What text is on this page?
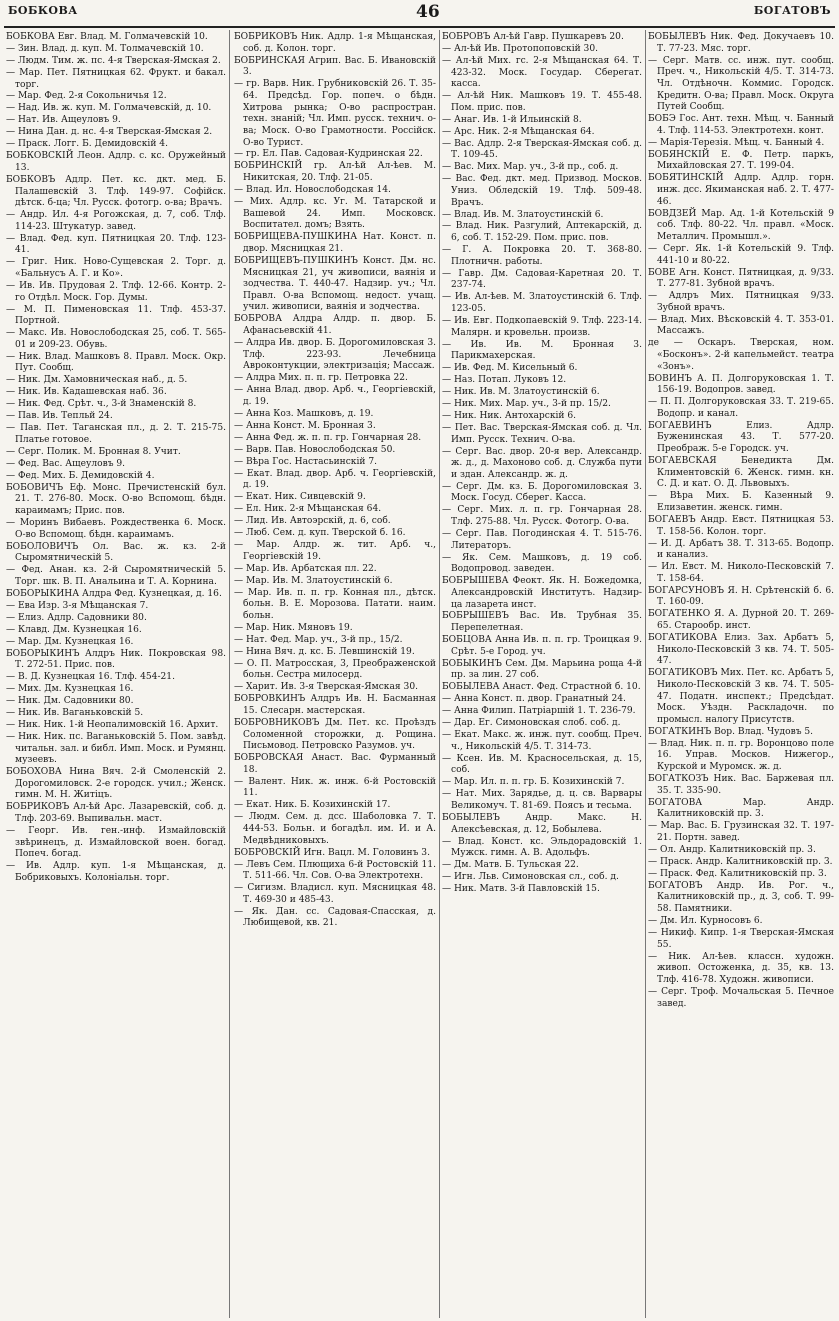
БОБКОВА	46	БОГАТОВЪ

БОБКОВА Евг. Влад. М. Голмачевскій 10.

— Зин. Влад. д. куп. М. Толмачевскій 10.

— Людм. Тим. ж. пс. 4-я Тверская-Ямская 2.

— Мар. Пет. Пятницкая 62. Фрукт. и бакал. торг.

— Мар. Фед. 2-я Сокольничья 12.

— Над. Ив. ж. куп. М. Голмачевскій, д. 10.

— Нат. Ив. Ащеуловъ 9.

— Нина Дан. д. нс. 4-я Тверская-Ямская 2.

— Праск. Логг. Б. Демидовскій 4.

БОБКОВСКІЙ Леон. Адлр. с. кс. Оружейный 13.

БОБКОВЪ Адлр. Пет. кс. дкт. мед. Б. Палашевскій 3. Тлф. 149-97. Софійск. дѣтск. б-ца; Чл. Русск. фотогр. о-ва; Врачъ.

— Андр. Ил. 4-я Рогожская, д. 7, соб. Тлф. 114-23. Штукатур. завед.

— Влад. Фед. куп. Пятницкая 20. Тлф. 123-41.

— Григ. Ник. Ново-Сущевская 2. Торг. д. «Бальнусъ А. Г. и Ко».

— Ив. Ив. Прудовая 2. Тлф. 12-66. Контр. 2-го Отдѣл. Моск. Гор. Думы.

— М. П. Пименовская 11. Тлф. 453-37. Портной.

— Макс. Ив. Новослободская 25, соб. Т. 565-01 и 209-23. Обувь.

— Ник. Влад. Машковъ 8. Правл. Моск. Окр. Пут. Сообщ.

— Ник. Дм. Хамовническая наб., д. 5.

— Ник. Ив. Кадашевская наб. 36.

— Ник. Фед. Срѣт. ч., 3-й Знаменскій 8.

— Пав. Ив. Тепльй 24.

— Пав. Пет. Таганская пл., д. 2. Т. 215-75. Платье готовое.

— Серг. Полик. М. Бронная 8. Учит.

— Фед. Вас. Ащеуловъ 9.

— Фед. Мих. Б. Демидовскій 4.

БОБОВИЧЪ Еф. Монс. Пречистенскій бул. 21. Т. 276-80. Моск. О-во Вспомощ. бѣдн. караимамъ; Прис. пов.

— Моринъ Вибаевъ. Рождественка 6. Моск. О-во Вспомощ. бѣдн. караимамъ.

БОБОЛОВИЧЪ Ол. Вас. ж. кз. 2-й Сыромятническій 5.

— Фед. Анан. кз. 2-й Сыромятническій 5. Торг. шк. В. П. Анальина и Т. А. Корнина.

БОБОРЫКИНА Алдра Фед. Кузнецкая, д. 16.

— Ева Изр. 3-я Мѣщанская 7.

— Елиз. Адлр. Садовники 80.

— Клавд. Дм. Кузнецкая 16.

— Мар. Дм. Кузнецкая 16.

БОБОРЫКИНЪ Алдръ Ник. Покровская 98. Т. 272-51. Прис. пов.

— В. Д. Кузнецкая 16. Тлф. 454-21.

— Мих. Дм. Кузнецкая 16.

— Ник. Дм. Садовники 80.

— Ник. Ив. Ваганьковскій 5.

— Ник. Ник. 1-й Неопалимовскій 16. Архит.

— Ник. Ник. пс. Ваганьковскій 5. Пом. завѣд. читальн. зал. и библ. Имп. Моск. и Румянц. музеевъ.

БОБОХОВА Нина Вяч. 2-й Смоленскій 2. Дорогомиловск. 2-е городск. учил.; Женск. гимн. М. Н. Житіцъ.

БОБРИКОВЪ Ал-ѣй Арс. Лазаревскій, соб. д. Тлф. 203-69. Выпивальн. маст.

— Георг. Ив. ген.-инф. Измайловскій звѣринецъ, д. Измайловской воен. богад. Попеч. богад.

— Ив. Адлр. куп. 1-я Мѣщанская, д. Бобриковыхъ. Колоніальн. торг.

БОБРИКОВЪ Ник. Адлр. 1-я Мѣщанская, соб. д. Колон. торг.

БОБРИНСКАЯ Агрип. Вас. Б. Ивановскій 3.

— гр. Варв. Ник. Грубниковскій 26. Т. 35-64. Предсѣд. Гор. попеч. о бѣдн. Хитрова рынка; О-во распростран. техн. знаній; Чл. Имп. русск. технич. о-ва; Моск. О-во Грамотности. Россійск. О-во Турист.

— гр. Ел. Пав. Садовая-Кудринская 22.

БОБРИНСКІЙ гр. Ал-ѣй Ал-ѣев. М. Никитская, 20. Тлф. 21-05.

— Влад. Ил. Новослободская 14.

— Мих. Адлр. кс. Уг. М. Татарской и Вашевой 24. Имп. Московск. Воспитател. домъ; Взять.

БОБРИЩЕВА-ПУШКИНА Нат. Конст. п. двор. Мясницкая 21.

БОБРИЩЕВЪ-ПУШКИНЪ Конст. Дм. нс. Мясницкая 21, уч живописи, ваянія и зодчества. Т. 440-47. Надзир. уч.; Чл. Правл. О-ва Вспомощ. недост. учащ. учил. живописи, ваянія и зодчества.

БОБРОВА Алдра Алдр. п. двор. Б. Афанасьевскій 41.

— Алдра Ив. двор. Б. Дорогомиловская 3. Тлф. 223-93. Лечебница Авроконтукции, электризація; Массаж.

— Алдра Мих. п. п. гр. Петровка 22.

— Анна Влад. двор. Арб. ч., Георгіевскій, д. 19.

— Анна Коз. Машковъ, д. 19.

— Анна Конст. М. Бронная 3.

— Анна Фед. ж. п. п. гр. Гончарная 28.

— Варв. Пав. Новослободская 50.

— Вѣра Гос. Настасьинскій 7.

— Екат. Влад. двор. Арб. ч. Георгіевскій, д. 19.

— Екат. Ник. Сивцевскій 9.

— Ел. Ник. 2-я Мѣщанская 64.

— Лид. Ив. Автоэрскій, д. 6, соб.

— Люб. Сем. д. куп. Тверской б. 16.

— Мар. Алдр. ж. тит. Арб. ч., Георгіевскій 19.

— Мар. Ив. Арбатская пл. 22.

— Мар. Ив. М. Златоустинскій 6.

— Мар. Ив. п. п. гр. Конная пл., дѣтск. больн. В. Е. Морозова. Патати. наим. больн.

— Мар. Ник. Мяновъ 19.

— Нат. Фед. Мар. уч., 3-й пр., 15/2.

— Нина Вяч. д. кс. Б. Левшинскій 19.

— О. П. Матросская, 3, Преображенской больн. Сестра милосерд.

— Харит. Ив. 3-я Тверская-Ямская 30.

БОБРОВКИНЪ Алдръ Ив. Н. Басманная 15. Слесарн. мастерская.

БОБРОВНИКОВЪ Дм. Пет. кс. Проѣздъ Соломенной сторожки, д. Рощина. Письмовод. Петровско Разумов. уч.

БОБРОВСКАЯ Анаст. Вас. Фурманный 18.

— Валент. Ник. ж. инж. 6-й Ростовскій 11.

— Екат. Ник. Б. Козихинскій 17.

— Людм. Сем. д. дсс. Шаболовка 7. Т. 444-53. Больн. и богадѣл. им. И. и А. Медвѣдниковыхъ.

БОБРОВСКІЙ Игн. Вацл. М. Головинъ 3.

— Левъ Сем. Плющиха 6-й Ростовскій 11. Т. 511-66. Чл. Сов. О-ва Электротехн.

— Сигизм. Владисл. куп. Мясницкая 48. Т. 469-30 и 485-43.

— Як. Дан. сс. Садовая-Спасская, д. Любищевой, кв. 21.

БОБРОВЪ Ал-ѣй Гавр. Пушкаревъ 20.

— Ал-ѣй Ив. Протопоповскій 30.

— Ал-ѣй Мих. гс. 2-я Мѣщанская 64. Т. 423-32. Моск. Государ. Сберегат. касса.

— Ал-ѣй Ник. Машковъ 19. Т. 455-48. Пом. прис. пов.

— Анаг. Ив. 1-й Ильинскій 8.

— Арс. Ник. 2-я Мѣщанская 64.

— Вас. Адлр. 2-я Тверская-Ямская соб. д. Т. 109-45.

— Вас. Мих. Мар. уч., 3-й пр., соб. д.

— Вас. Фед. дкт. мед. Призвод. Москов. Униз. Обледскій 19. Тлф. 509-48. Врачъ.

— Влад. Ив. М. Златоустинскій 6.

— Влад. Ник. Разгулий, Аптекарскій, д. 6, соб. Т. 152-29. Пом. прис. пов.

— Г. А. Покровка 20. Т. 368-80. Плотничн. работы.

— Гавр. Дм. Садовая-Каретная 20. Т. 237-74.

— Ив. Ал-ѣев. М. Златоустинскій 6. Тлф. 123-05.

— Ив. Евг. Подкопаевскій 9. Тлф. 223-14. Малярн. и кровельн. произв.

— Ив. Ив. М. Бронная 3. Парикмахерская.

— Ив. Фед. М. Кисельный 6.

— Наз. Потап. Луковъ 12.

— Ник. Ив. М. Златоустинскій 6.

— Ник. Мих. Мар. уч., 3-й пр. 15/2.

— Ник. Ник. Антохарскій 6.

— Пет. Вас. Тверская-Ямская соб. д. Чл. Имп. Русск. Технич. О-ва.

— Серг. Вас. двор. 20-я вер. Александр. ж. д., д. Махоново соб. д. Служба пути и здан. Александр. ж. д.

— Серг. Дм. кз. Б. Дорогомиловская 3. Моск. Госуд. Сберег. Касса.

— Серг. Мих. л. п. гр. Гончарная 28. Тлф. 275-88. Чл. Русск. Фотогр. О-ва.

— Серг. Пав. Погодинская 4. Т. 515-76. Литераторъ.

— Як. Сем. Машковъ, д. 19 соб. Водопровод. заведен.

БОБРЫШЕВА Феокт. Як. Н. Божедомка, Александровскій Институтъ. Надзир-ца лазарета инст.

БОБРЫШЕВЪ Вас. Ив. Трубная 35. Перепелетная.

БОБЦОВА Анна Ив. п. п. гр. Троицкая 9. Срѣт. 5-е Город. уч.

БОБЫКИНЪ Сем. Дм. Марьина роща 4-й пр. за лин. 27 соб.

БОБЫЛЕВА Анаст. Фед. Страстной б. 10.

— Анна Конст. п. двор. Гранатный 24.

— Анна Филип. Патріаршій 1. Т. 236-79.

— Дар. Ег. Симоновская слоб. соб. д.

— Екат. Макс. ж. инж. пут. сообщ. Преч. ч., Никольскій 4/5. Т. 314-73.

— Ксен. Ив. М. Красносельская, д. 15, соб.

— Мар. Ил. п. п. гр. Б. Козихинскій 7.

— Нат. Мих. Зарядье, д. ц. св. Варвары Великомуч. Т. 81-69. Поясъ и тесьма.

БОБЫЛЕВЪ Андр. Макс. Н. Алексѣевская, д. 12, Бобылева.

— Влад. Конст. кс. Эльдорадовскій 1. Мужск. гимн. А. В. Адольфъ.

— Дм. Матв. Б. Тульская 22.

— Игн. Льв. Симоновская сл., соб. д.

— Ник. Матв. 3-й Павловскій 15.

БОБЫЛЕВЪ Ник. Фед. Докучаевъ 10. Т. 77-23. Мяс. торг.

— Серг. Матв. сс. инж. пут. сообщ. Преч. ч., Никольскій 4/5. Т. 314-73. Чл. Отдѣночн. Коммис. Городск. Кредитн. О-ва; Правл. Моск. Округа Путей Сообщ.

БОБЭ Гос. Ант. техн. Мѣщ. ч. Банный 4. Тлф. 114-53. Электротехн. конт.

— Марія-Терезія. Мѣщ. ч. Банный 4.

БОБЯНСКІЙ Е. Ф. Петр. паркъ, Михайловская 27. Т. 199-04.

БОБЯТИНСКІЙ Адлр. Адлр. горн. инж. дсс. Якиманская наб. 2. Т. 477-46.

БОВДЗЕЙ Мар. Ад. 1-й Котельскій 9 соб. Тлф. 80-22. Чл. правл. «Моск. Металлич. Промышл.».

— Серг. Як. 1-й Котельскій 9. Тлф. 441-10 и 80-22.

БОВЕ Агн. Конст. Пятницкая, д. 9/33. Т. 277-81. Зубной врачъ.

— Адлръ Мих. Пятницкая 9/33. Зубной врачъ.

— Влад. Мих. Вѣсковскій 4. Т. 353-01. Массажъ.

де — Оскаръ. Тверская, ном. «Босконъ». 2-й капельмейст. театра «Зонъ».

БОВИНЪ А. П. Долгоруковская 1. Т. 156-19. Водопров. завед.

— П. П. Долгоруковская 33. Т. 219-65. Водопр. и канал.

БОГАЕВИНЪ Елиз. Адлр. Буженинская 43. Т. 577-20. Преображ. 5-е Городск. уч.

БОГАЕВСКАЯ Бенедикта Дм. Климентовскій 6. Женск. гимн. кн. С. Д. и кат. О. Д. Львовыхъ.

— Вѣра Мих. Б. Казенный 9. Елизаветин. женск. гимн.

БОГАЕВЪ Андр. Евст. Пятницкая 53. Т. 158-56. Колон. торг.

— И. Д. Арбатъ 38. Т. 313-65. Водопр. и канализ.

— Ил. Евст. М. Николо-Песковскій 7. Т. 158-64.

БОГАРСУНОВЪ Я. Н. Срѣтенскій б. 6. Т. 160-09.

БОГАТЕНКО Я. А. Дурной 20. Т. 269-65. Старообр. инст.

БОГАТИКОВА Елиз. Зах. Арбатъ 5, Николо-Песковскій 3 кв. 74. Т. 505-47.

БОГАТИКОВЪ Мих. Пет. кс. Арбатъ 5, Николо-Песковскій 3 кв. 74. Т. 505-47. Податн. инспект.; Предсѣдат. Моск. Уѣздн. Раскладочн. по промысл. налогу Присутств.

БОГАТКИНЪ Вор. Влад. Чудовъ 5.

— Влад. Ник. п. п. гр. Воронцово поле 16. Управ. Москов. Нижегор., Курской и Муромск. ж. д.

БОГАТКОЗЪ Ник. Вас. Баржевая пл. 35. Т. 335-90.

БОГАТОВА Мар. Андр. Калитниковскій пр. 3.

— Мар. Вас. Б. Грузинская 32. Т. 197-21. Портн. завед.

— Ол. Андр. Калитниковскій пр. 3.

— Праск. Андр. Калитниковскій пр. 3.

— Праск. Фед. Калитниковскій пр. 3.

БОГАТОВЪ Андр. Ив. Рог. ч., Калитниковскій пр., д. 3, соб. Т. 99-58. Памятники.

— Дм. Ил. Курносовъ 6.

— Никиф. Кипр. 1-я Тверская-Ямская 55.

— Ник. Ал-ѣев. классн. художн. живоп. Остоженка, д. 35, кв. 13. Тлф. 416-78. Художн. живописи.

— Серг. Троф. Мочальская 5. Печное завед.
